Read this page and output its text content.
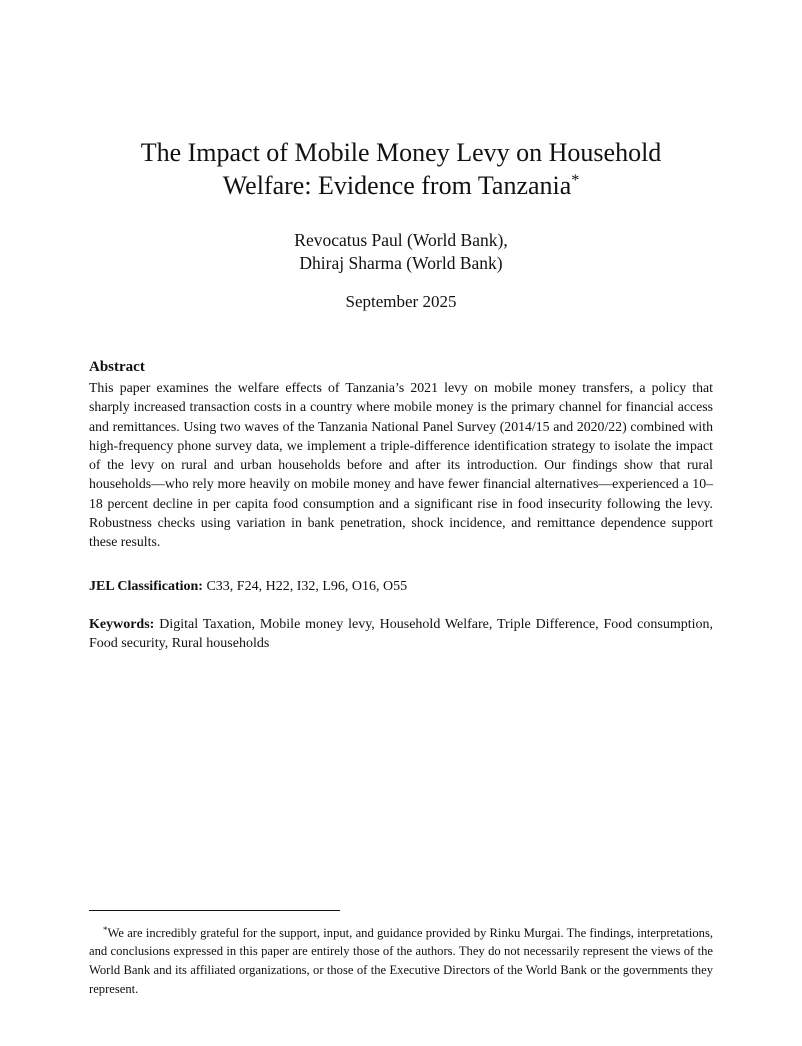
The Impact of Mobile Money Levy on Household
Welfare: Evidence from Tanzania*
Revocatus Paul (World Bank),
Dhiraj Sharma (World Bank)
September 2025
Abstract

This paper examines the welfare effects of Tanzania’s 2021 levy on mobile money transfers, a policy that sharply increased transaction costs in a country where mobile money is the primary channel for financial access and remittances. Using two waves of the Tanzania National Panel Survey (2014/15 and 2020/22) combined with high-frequency phone survey data, we implement a triple-difference identification strategy to isolate the impact of the levy on rural and urban households before and after its introduction. Our findings show that rural households—who rely more heavily on mobile money and have fewer financial alternatives—experienced a 10–18 percent decline in per capita food consumption and a significant rise in food insecurity following the levy. Robustness checks using variation in bank penetration, shock incidence, and remittance dependence support these results.

JEL Classification: C33, F24, H22, I32, L96, O16, O55
Keywords: Digital Taxation, Mobile money levy, Household Welfare, Triple Difference, Food consumption, Food security, Rural households

*We are incredibly grateful for the support, input, and guidance provided by Rinku Murgai. The findings, interpretations, and conclusions expressed in this paper are entirely those of the authors. They do not necessarily represent the views of the World Bank and its affiliated organizations, or those of the Executive Directors of the World Bank or the governments they represent.
